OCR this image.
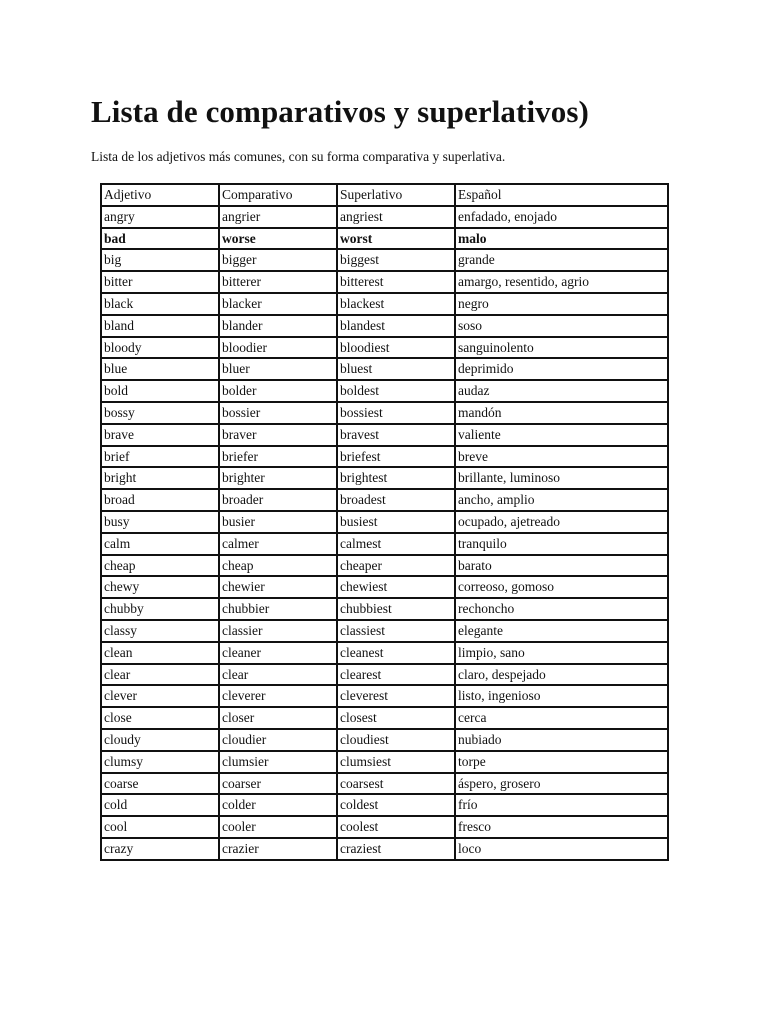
Lista de comparativos y superlativos)

Lista de los adjetivos más comunes, con su forma comparativa y superlativa.

Adjetivo	Comparativo	Superlativo	Español
angry	angrier	angriest	enfadado, enojado
bad	worse	worst	malo
big	bigger	biggest	grande
bitter	bitterer	bitterest	amargo, resentido, agrio
black	blacker	blackest	negro
bland	blander	blandest	soso
bloody	bloodier	bloodiest	sanguinolento
blue	bluer	bluest	deprimido
bold	bolder	boldest	audaz
bossy	bossier	bossiest	mandón
brave	braver	bravest	valiente
brief	briefer	briefest	breve
bright	brighter	brightest	brillante, luminoso
broad	broader	broadest	ancho, amplio
busy	busier	busiest	ocupado, ajetreado
calm	calmer	calmest	tranquilo
cheap	cheap	cheaper	barato
chewy	chewier	chewiest	correoso, gomoso
chubby	chubbier	chubbiest	rechoncho
classy	classier	classiest	elegante
clean	cleaner	cleanest	limpio, sano
clear	clear	clearest	claro, despejado
clever	cleverer	cleverest	listo, ingenioso
close	closer	closest	cerca
cloudy	cloudier	cloudiest	nubiado
clumsy	clumsier	clumsiest	torpe
coarse	coarser	coarsest	áspero, grosero
cold	colder	coldest	frío
cool	cooler	coolest	fresco
crazy	crazier	craziest	loco
